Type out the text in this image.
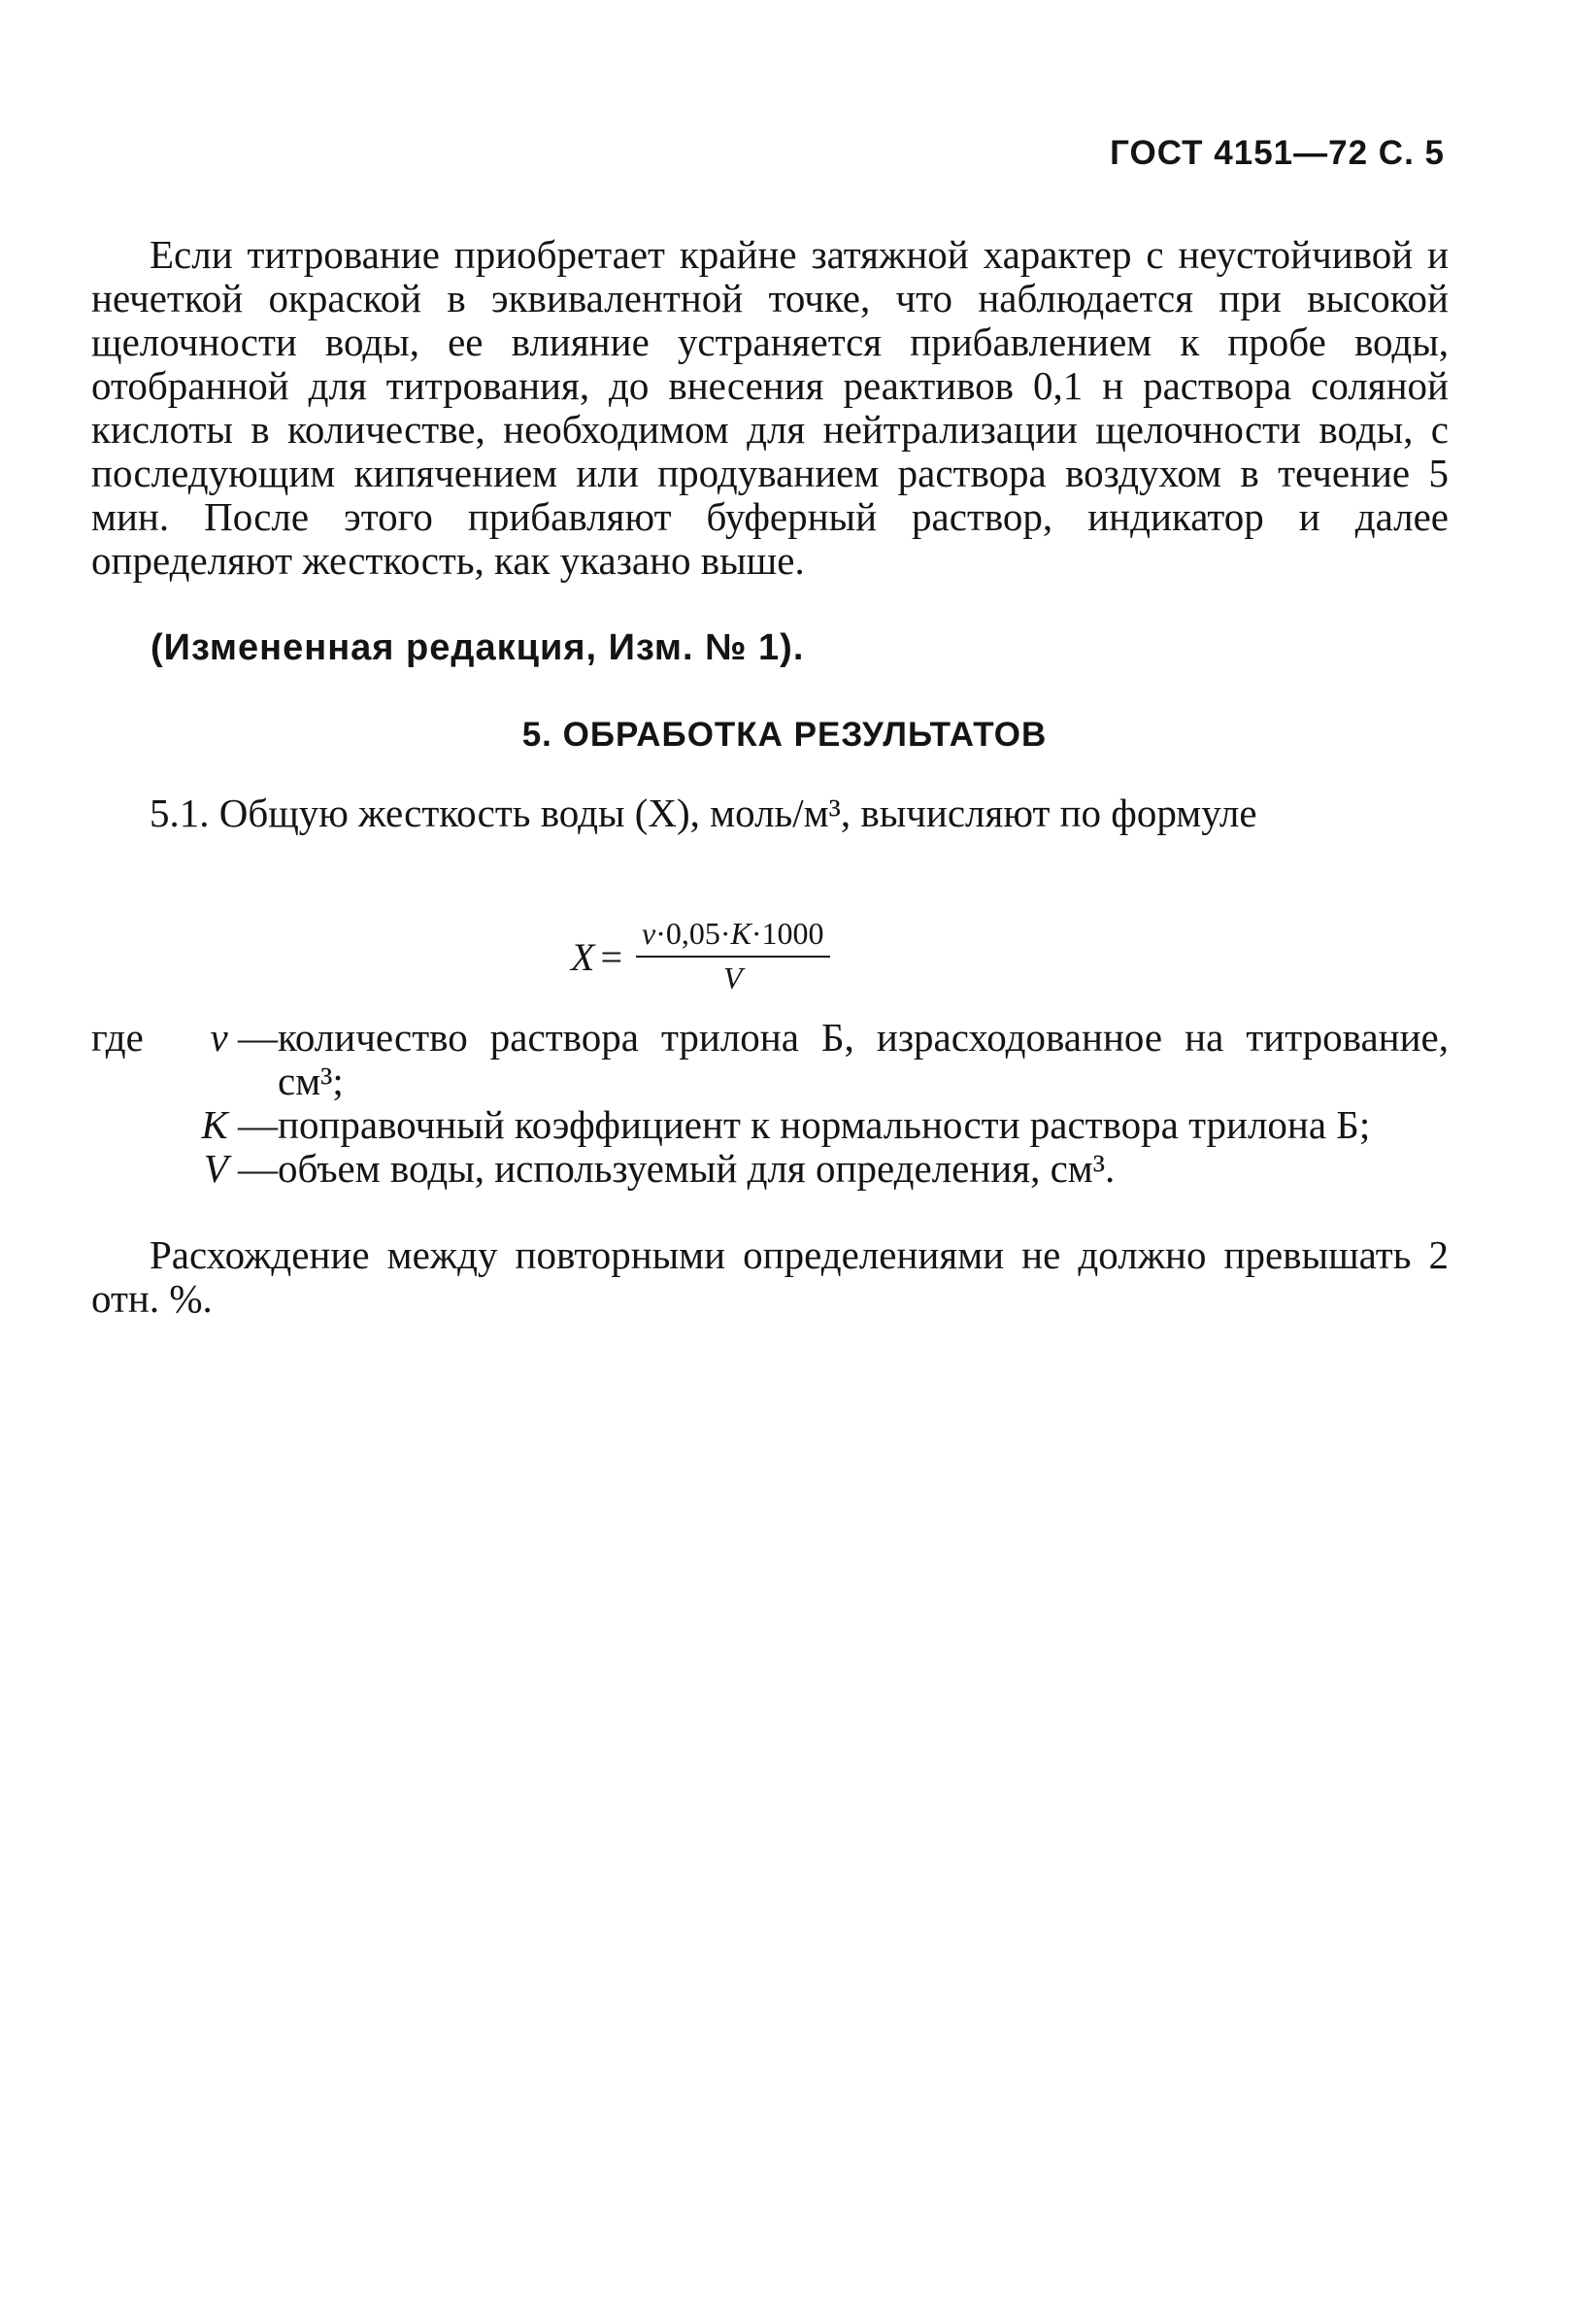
ГОСТ 4151—72 С. 5

Если титрование приобретает крайне затяжной характер с неустойчивой и нечеткой окраской в эквивалентной точке, что наблюдается при высокой щелочности воды, ее влияние устраняется прибавлением к пробе воды, отобранной для титрования, до внесения реактивов 0,1 н раствора соляной кислоты в количестве, необходимом для нейтрализации щелочности воды, с последующим кипячением или продуванием раствора воздухом в течение 5 мин. После этого прибавляют буферный раствор, индикатор и далее определяют жесткость, как указано выше.

(Измененная редакция, Изм. № 1).
5. ОБРАБОТКА РЕЗУЛЬТАТОВ

5.1. Общую жесткость воды (X), моль/м³, вычисляют по формуле

$X = \frac{v\cdot 0,05\cdot K\cdot 1000}{V}$
где	v — количество раствора трилона Б, израсходованное на титрование, см³;
K — поправочный коэффициент к нормальности раствора трилона Б;
V — объем воды, используемый для определения, см³.

Расхождение между повторными определениями не должно превышать 2 отн. %.
